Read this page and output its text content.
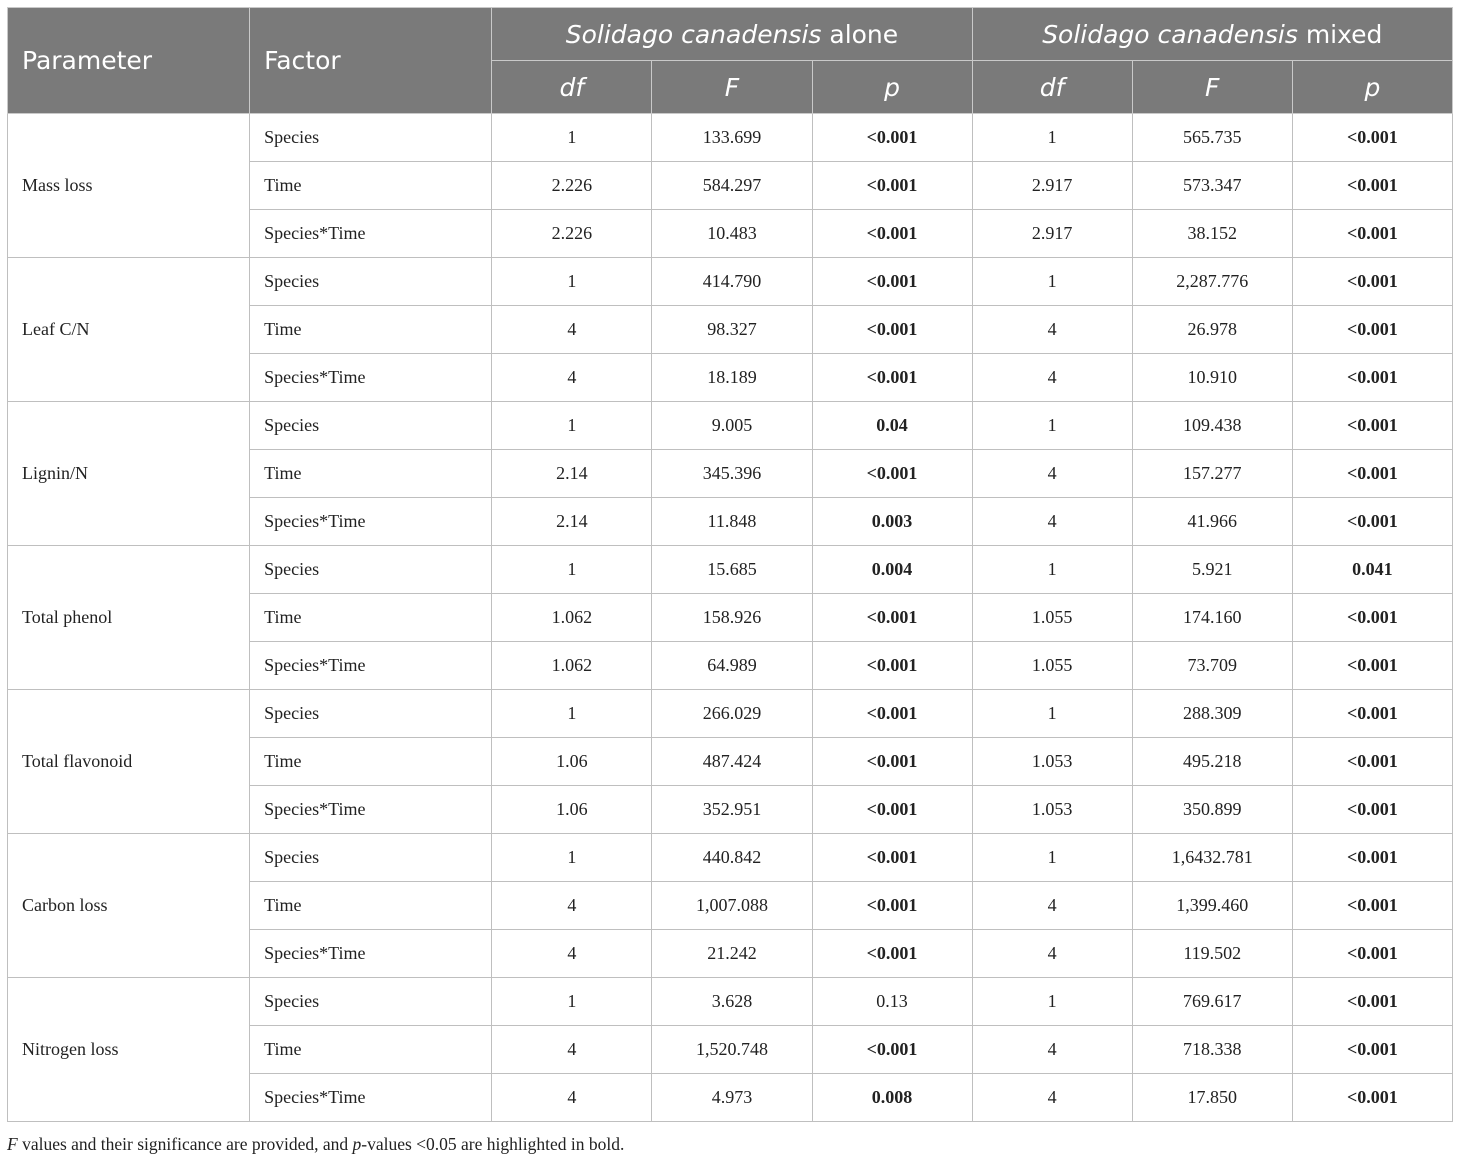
Parameter	Factor	Solidago canadensis alone			Solidago canadensis mixed		
		df	F	p	df	F	p
Mass loss	Species	1	133.699	<0.001	1	565.735	<0.001
	Time	2.226	584.297	<0.001	2.917	573.347	<0.001
	Species*Time	2.226	10.483	<0.001	2.917	38.152	<0.001
Leaf C/N	Species	1	414.790	<0.001	1	2,287.776	<0.001
	Time	4	98.327	<0.001	4	26.978	<0.001
	Species*Time	4	18.189	<0.001	4	10.910	<0.001
Lignin/N	Species	1	9.005	0.04	1	109.438	<0.001
	Time	2.14	345.396	<0.001	4	157.277	<0.001
	Species*Time	2.14	11.848	0.003	4	41.966	<0.001
Total phenol	Species	1	15.685	0.004	1	5.921	0.041
	Time	1.062	158.926	<0.001	1.055	174.160	<0.001
	Species*Time	1.062	64.989	<0.001	1.055	73.709	<0.001
Total flavonoid	Species	1	266.029	<0.001	1	288.309	<0.001
	Time	1.06	487.424	<0.001	1.053	495.218	<0.001
	Species*Time	1.06	352.951	<0.001	1.053	350.899	<0.001
Carbon loss	Species	1	440.842	<0.001	1	1,6432.781	<0.001
	Time	4	1,007.088	<0.001	4	1,399.460	<0.001
	Species*Time	4	21.242	<0.001	4	119.502	<0.001
Nitrogen loss	Species	1	3.628	0.13	1	769.617	<0.001
	Time	4	1,520.748	<0.001	4	718.338	<0.001
	Species*Time	4	4.973	0.008	4	17.850	<0.001
F values and their significance are provided, and p-values <0.05 are highlighted in bold.
